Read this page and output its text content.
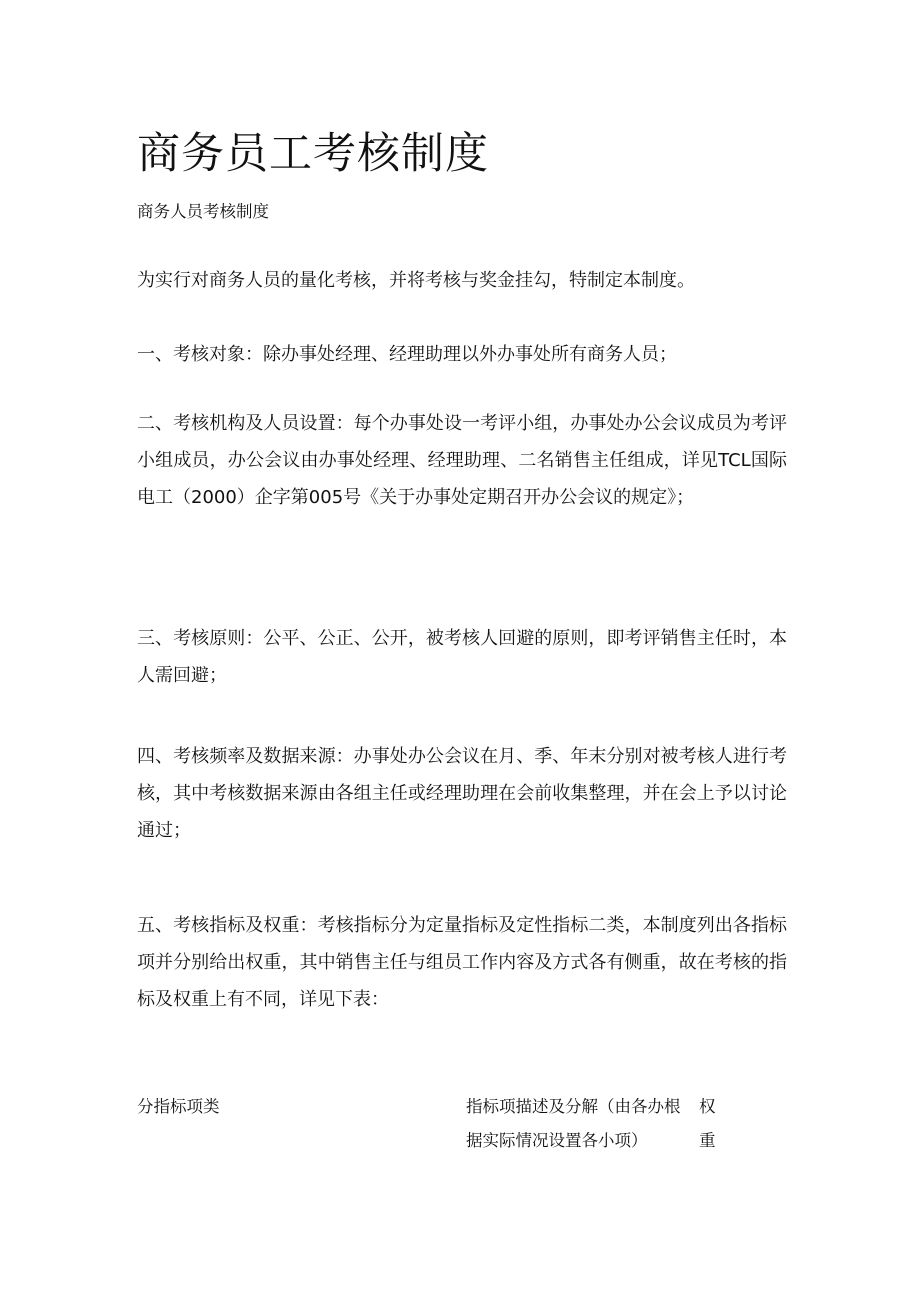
商务员工考核制度
商务人员考核制度

为实行对商务人员的量化考核，并将考核与奖金挂勾，特制定本制度。

一、考核对象：除办事处经理、经理助理以外办事处所有商务人员；

二、考核机构及人员设置：每个办事处设一考评小组，办事处办公会议成员为考评小组成员，办公会议由办事处经理、经理助理、二名销售主任组成，详见TCL国际电工（2000）企字第005号《关于办事处定期召开办公会议的规定》；

三、考核原则：公平、公正、公开，被考核人回避的原则，即考评销售主任时，本人需回避；

四、考核频率及数据来源：办事处办公会议在月、季、年末分别对被考核人进行考核，其中考核数据来源由各组主任或经理助理在会前收集整理，并在会上予以讨论通过；

五、考核指标及权重：考核指标分为定量指标及定性指标二类，本制度列出各指标项并分别给出权重，其中销售主任与组员工作内容及方式各有侧重，故在考核的指标及权重上有不同，详见下表：

分指标项类	指标项描述及分解（由各办根据实际情况设置各小项）
权重
